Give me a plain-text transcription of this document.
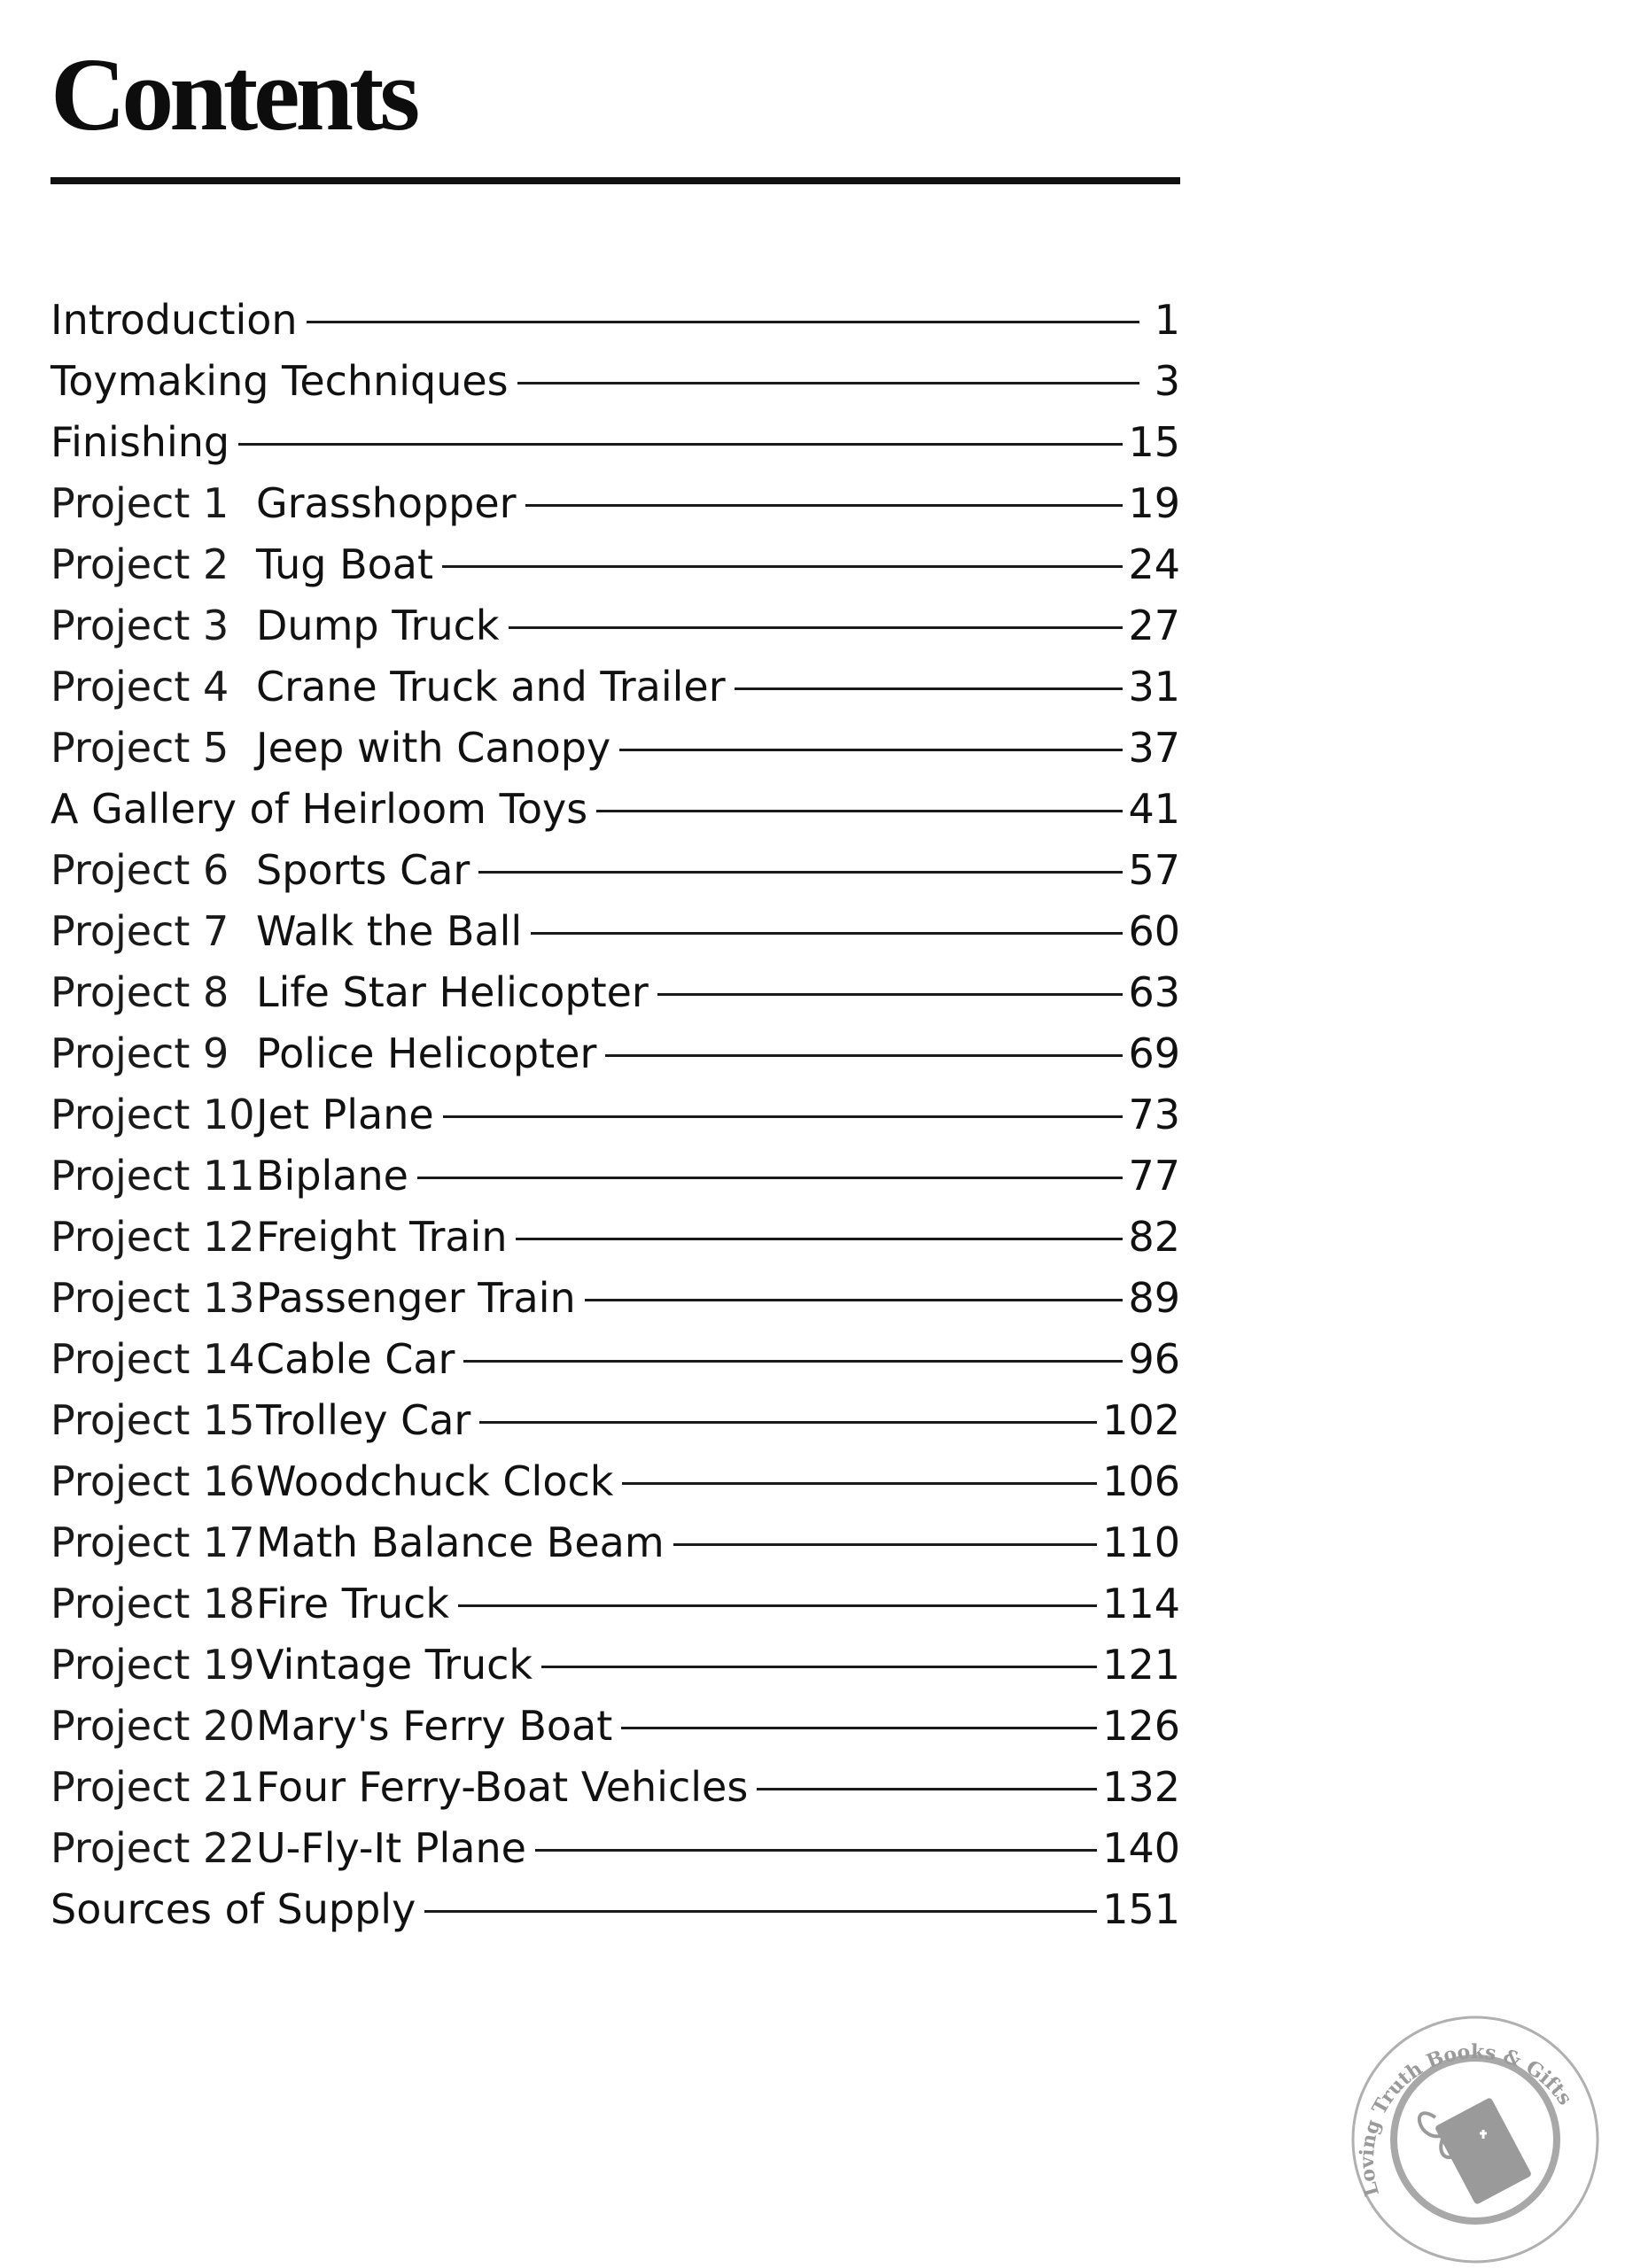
Contents
Introduction	1
Toymaking Techniques	3
Finishing	15
Project 1 Grasshopper	19
Project 2 Tug Boat	24
Project 3 Dump Truck	27
Project 4 Crane Truck and Trailer	31
Project 5 Jeep with Canopy	37
A Gallery of Heirloom Toys	41
Project 6 Sports Car	57
Project 7 Walk the Ball	60
Project 8 Life Star Helicopter	63
Project 9 Police Helicopter	69
Project 10 Jet Plane	73
Project 11 Biplane	77
Project 12 Freight Train	82
Project 13 Passenger Train	89
Project 14 Cable Car	96
Project 15 Trolley Car	102
Project 16 Woodchuck Clock	106
Project 17 Math Balance Beam	110
Project 18 Fire Truck	114
Project 19 Vintage Truck	121
Project 20 Mary's Ferry Boat	126
Project 21 Four Ferry-Boat Vehicles	132
Project 22 U-Fly-It Plane	140
Sources of Supply	151
Loving Truth Books & Gifts
